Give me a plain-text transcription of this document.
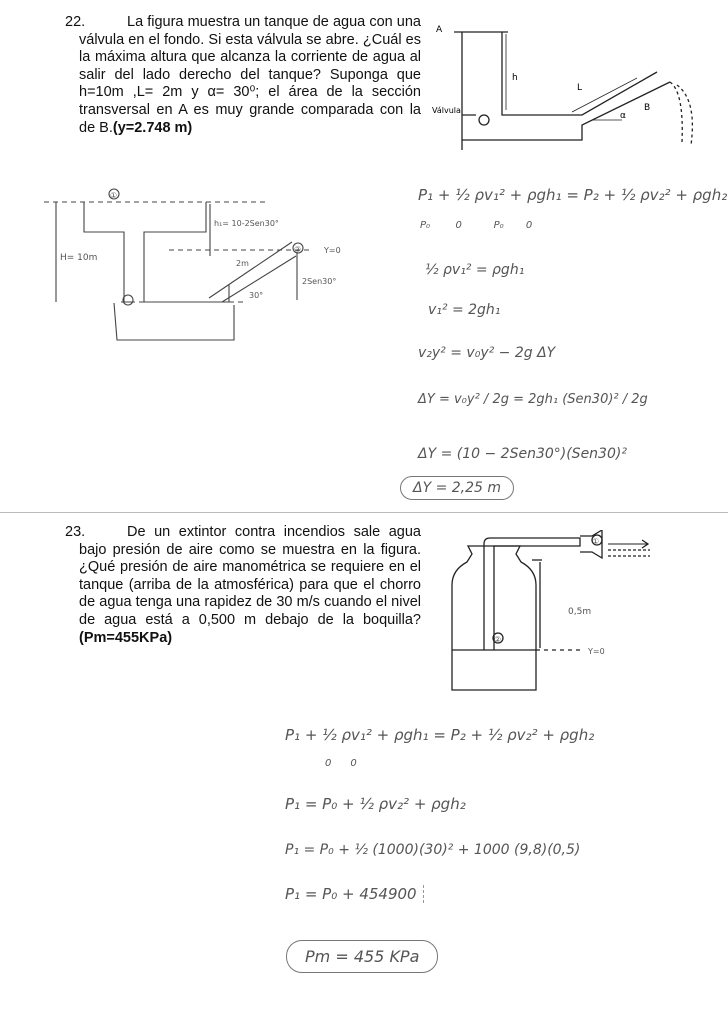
22.	La figura muestra un tanque de agua con una válvula en el fondo. Si esta válvula se abre. ¿Cuál es la máxima altura que alcanza la corriente de agua al salir del lado derecho del tanque? Suponga que h=10m ,L= 2m y α= 30⁰; el área de la sección transversal en A es muy grande comparada con la de B.(y=2.748 m)
A
h
L
B
Válvula
α
①
②
H= 10m
h₁= 10-2Sen30°
2m
2Sen30°
30°
Y=0
P₁ + ½ ρv₁² + ρgh₁ = P₂ + ½ ρv₂² + ρgh₂
P₀        0          P₀       0
½ ρv₁² = ρgh₁
v₁² = 2gh₁
v₂y² = v₀y² − 2g ΔY
ΔY = v₀y² / 2g = 2gh₁ (Sen30)² / 2g
ΔY = (10 − 2Sen30°)(Sen30)²
ΔY = 2,25 m
23.	De un extintor contra incendios sale agua bajo presión de aire como se muestra en la figura. ¿Qué presión de aire manométrica se requiere en el tanque (arriba de la atmosférica) para que el chorro de agua tenga una rapidez de 30 m/s cuando el nivel de agua está a 0,500 m debajo de la boquilla?(Pm=455KPa)
①
②
0,5m
Y=0
P₁ + ½ ρv₁² + ρgh₁ = P₂ + ½ ρv₂² + ρgh₂
0      0
P₁ = P₀ + ½ ρv₂² + ρgh₂
P₁ = P₀ + ½ (1000)(30)² + 1000 (9,8)(0,5)
P₁ = P₀ + 454900
Pm = 455 KPa
